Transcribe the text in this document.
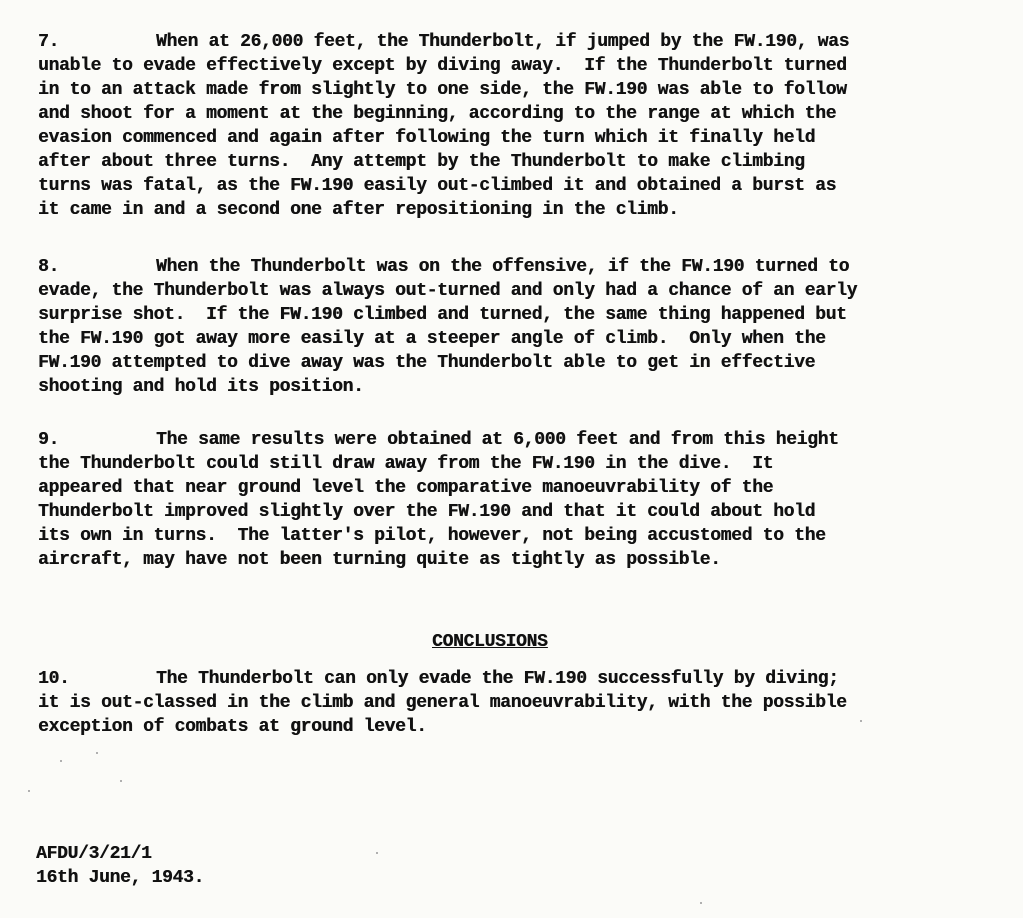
7.	When at 26,000 feet, the Thunderbolt, if jumped by the FW.190, was
unable to evade effectively except by diving away.  If the Thunderbolt turned
in to an attack made from slightly to one side, the FW.190 was able to follow
and shoot for a moment at the beginning, according to the range at which the
evasion commenced and again after following the turn which it finally held
after about three turns.  Any attempt by the Thunderbolt to make climbing
turns was fatal, as the FW.190 easily out-climbed it and obtained a burst as
it came in and a second one after repositioning in the climb.
8.	When the Thunderbolt was on the offensive, if the FW.190 turned to
evade, the Thunderbolt was always out-turned and only had a chance of an early
surprise shot.  If the FW.190 climbed and turned, the same thing happened but
the FW.190 got away more easily at a steeper angle of climb.  Only when the
FW.190 attempted to dive away was the Thunderbolt able to get in effective
shooting and hold its position.
9.	The same results were obtained at 6,000 feet and from this height
the Thunderbolt could still draw away from the FW.190 in the dive.  It
appeared that near ground level the comparative manoeuvrability of the
Thunderbolt improved slightly over the FW.190 and that it could about hold
its own in turns.  The latter's pilot, however, not being accustomed to the
aircraft, may have not been turning quite as tightly as possible.
CONCLUSIONS
10.	The Thunderbolt can only evade the FW.190 successfully by diving;
it is out-classed in the climb and general manoeuvrability, with the possible
exception of combats at ground level.
AFDU/3/21/1
16th June, 1943.
